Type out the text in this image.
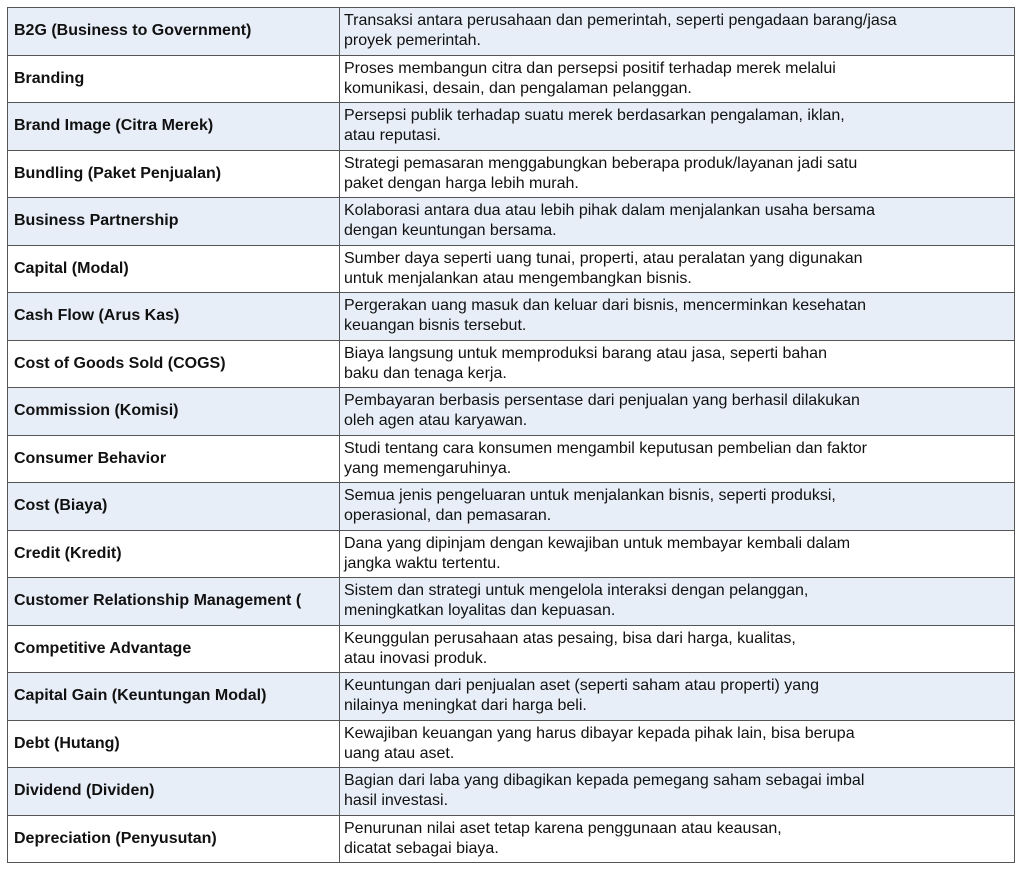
B2G (Business to Government)	Transaksi antara perusahaan dan pemerintah, seperti pengadaan barang/jasa
proyek pemerintah.

Branding	Proses membangun citra dan persepsi positif terhadap merek melalui
komunikasi, desain, dan pengalaman pelanggan.

Brand Image (Citra Merek)	Persepsi publik terhadap suatu merek berdasarkan pengalaman, iklan,
atau reputasi.

Bundling (Paket Penjualan)	Strategi pemasaran menggabungkan beberapa produk/layanan jadi satu
paket dengan harga lebih murah.

Business Partnership	Kolaborasi antara dua atau lebih pihak dalam menjalankan usaha bersama
dengan keuntungan bersama.

Capital (Modal)	Sumber daya seperti uang tunai, properti, atau peralatan yang digunakan
untuk menjalankan atau mengembangkan bisnis.

Cash Flow (Arus Kas)	Pergerakan uang masuk dan keluar dari bisnis, mencerminkan kesehatan
keuangan bisnis tersebut.

Cost of Goods Sold (COGS)	Biaya langsung untuk memproduksi barang atau jasa, seperti bahan
baku dan tenaga kerja.

Commission (Komisi)	Pembayaran berbasis persentase dari penjualan yang berhasil dilakukan
oleh agen atau karyawan.

Consumer Behavior	Studi tentang cara konsumen mengambil keputusan pembelian dan faktor
yang memengaruhinya.

Cost (Biaya)	Semua jenis pengeluaran untuk menjalankan bisnis, seperti produksi,
operasional, dan pemasaran.

Credit (Kredit)	Dana yang dipinjam dengan kewajiban untuk membayar kembali dalam
jangka waktu tertentu.

Customer Relationship Management (	Sistem dan strategi untuk mengelola interaksi dengan pelanggan,
meningkatkan loyalitas dan kepuasan.

Competitive Advantage	Keunggulan perusahaan atas pesaing, bisa dari harga, kualitas,
atau inovasi produk.

Capital Gain (Keuntungan Modal)	Keuntungan dari penjualan aset (seperti saham atau properti) yang
nilainya meningkat dari harga beli.

Debt (Hutang)	Kewajiban keuangan yang harus dibayar kepada pihak lain, bisa berupa
uang atau aset.

Dividend (Dividen)	Bagian dari laba yang dibagikan kepada pemegang saham sebagai imbal
hasil investasi.

Depreciation (Penyusutan)	Penurunan nilai aset tetap karena penggunaan atau keausan,
dicatat sebagai biaya.
